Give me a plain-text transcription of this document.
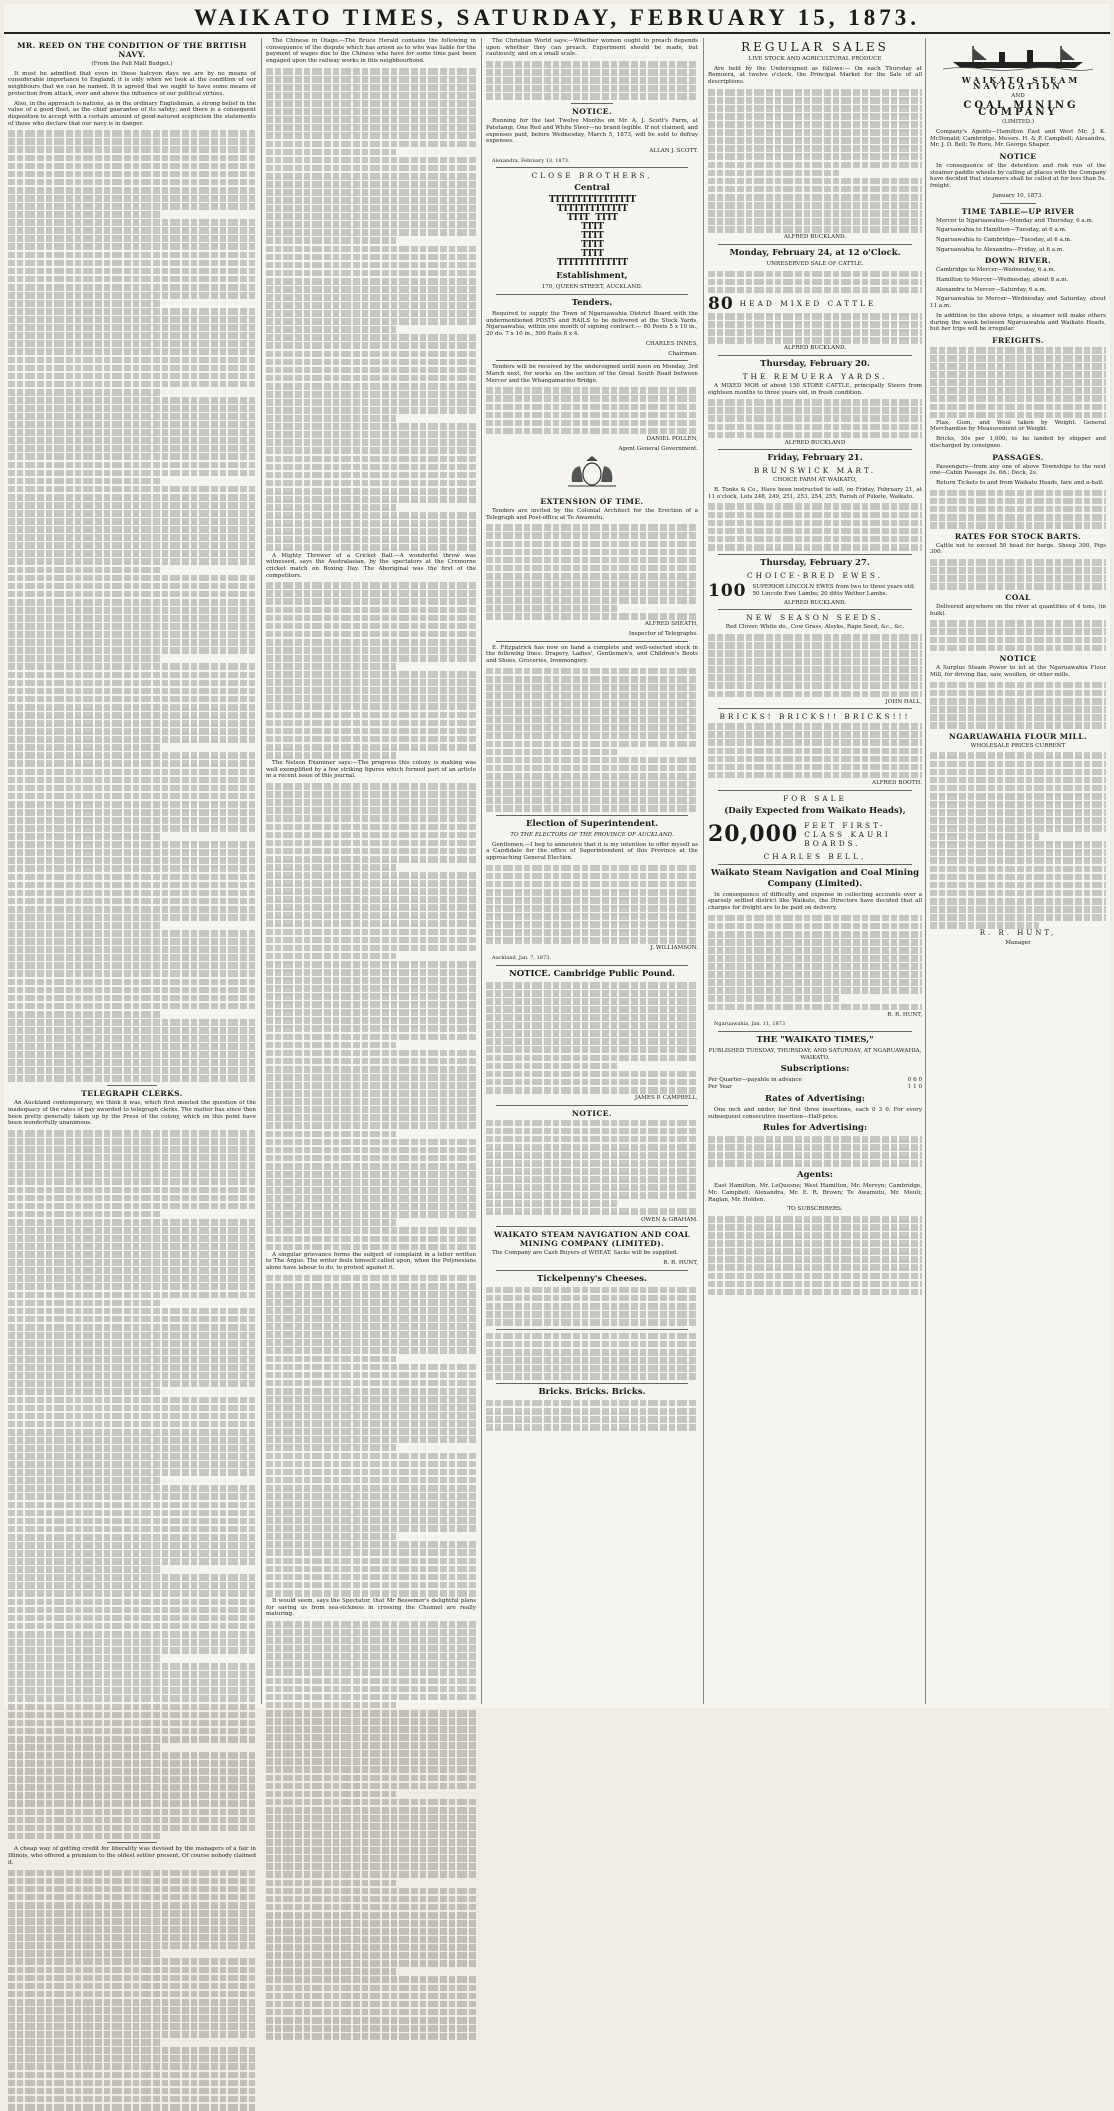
WAIKATO TIMES, SATURDAY, FEBRUARY 15, 1873.
MR. REED ON THE CONDITION OF THE BRITISH NAVY.

(From the Pall Mall Budget.)

It must be admitted that even in these halcyon days we are by no means of considerable importance to England; it is only when we look at the condition of our neighbours that we can be named. It is agreed that we ought to have some means of protection from attack, over and above the influence of our political virtues.

Also, in the approach is nations, as in the ordinary Englishman, a strong belief in the value of a good fleet, as the chief guarantee of its safety; and there is a consequent disposition to accept with a certain amount of good-natured scepticism the statements of those who declare that our navy is in danger.

TELEGRAPH CLERKS.

An Auckland contemporary, we think it was, which first mooted the question of the inadequacy of the rates of pay awarded to telegraph clerks. The matter has since then been pretty generally taken up by the Press of the colony, which on this point have been wonderfully unanimous.

A cheap way of getting credit for liberality was devised by the managers of a fair in Illinois, who offered a premium to the oldest settler present. Of course nobody claimed it.

The Chinese in Otago.—The Bruce Herald contains the following in consequence of the dispute which has arisen as to who was liable for the payment of wages due to the Chinese who have for some time past been engaged upon the railway works in this neighbourhood.

A Mighty Thrower of a Cricket Ball.—A wonderful throw was witnessed, says the Australasian, by the spectators at the Cremorne cricket match on Boxing Day. The Aboriginal was the first of the competitors.

The Nelson Examiner says:—The progress this colony is making was well exemplified by a few striking figures which formed part of an article in a recent issue of this journal.

A singular grievance forms the subject of complaint in a letter written to The Argus. The writer feels himself called upon, when the Polynesians alone have labour to do, to protest against it.

It would seem, says the Spectator, that Mr Bessemer's delightful plans for saving us from sea-sickness in crossing the Channel are really maturing.

The Christian World says:—Whether women ought to preach depends upon whether they can preach. Experiment should be made, but cautiously, and on a small scale.

NOTICE.

Running for the last Twelve Months on Mr. A. J. Scott's Farm, at Patetangi, One Red and White Steer—no brand legible. If not claimed, and expenses paid, before Wednesday, March 5, 1873, will be sold to defray expenses.

ALLAN J. SCOTT.

Alexandra, February 13, 1873.

CLOSE BROTHERS,

Central
TTTTTTTTTTTTTTTT
TTTTTTTTTTTTT
TTTT   TTTT
TTTT
TTTT
TTTT
TTTT
TTTTTTTTTTTTT
Establishment,

170, QUEEN STREET, AUCKLAND.

Tenders.

Required to supply the Town of Ngaruawahia District Board with the undermentioned POSTS and RAILS to be delivered at the Stock Yards, Ngaruawahia, within one month of signing contract:— 80 Posts 5 x 10 in., 20 do. 7 x 10 in., 500 Rails 8 x 4.

CHARLES INNES,

Chairman.

Tenders will be received by the undersigned until noon on Monday, 3rd March next, for works on the section of the Great South Road between Mercer and the Whangamarino Bridge.

DANIEL POLLEN,

Agent General Government.

EXTENSION OF TIME.

Tenders are invited by the Colonial Architect for the Erection of a Telegraph and Post-office at Te Awamutu.

ALFRED SHEATH,

Inspector of Telegraphs.

E. Fitzpatrick has now on hand a complete and well-selected stock in the following lines: Drapery, Ladies', Gentlemen's, and Children's Boots and Shoes, Groceries, Ironmongery.

Election of Superintendent.

TO THE ELECTORS OF THE PROVINCE OF AUCKLAND.

Gentlemen,—I beg to announce that it is my intention to offer myself as a Candidate for the office of Superintendent of this Province at the approaching General Election.

J. WILLIAMSON.

Auckland, Jan. 7, 1873.

NOTICE. Cambridge Public Pound.

JAMES P. CAMPBELL,

NOTICE.

OWEN & GRAHAM.

WAIKATO STEAM NAVIGATION AND COAL MINING COMPANY (LIMITED).

The Company are Cash Buyers of WHEAT. Sacks will be supplied.

R. R. HUNT,

Tickelpenny's Cheeses.
Bricks. Bricks. Bricks.

REGULAR SALES

LIVE STOCK AND AGRICULTURAL PRODUCE

Are held by the Undersigned as follows:— On each Thursday at Remuera, at twelve o'clock, the Principal Market for the Sale of all descriptions.

ALFRED BUCKLAND.

Monday, February 24, at 12 o'Clock.

UNRESERVED SALE OF CATTLE.

80 HEAD MIXED CATTLE

ALFRED BUCKLAND.

Thursday, February 20.

THE REMUERA YARDS.

A MIXED MOB of about 150 STORE CATTLE, principally Steers from eighteen months to three years old, in fresh condition.

ALFRED BUCKLAND

Friday, February 21.

BRUNSWICK MART.

CHOICE FARM AT WAIKATO,

B. Tonks & Co., Have been instructed to sell, on Friday, February 21, at 11 o'clock, Lots 248, 249, 251, 253, 254, 255, Parish of Pukete, Waikato.

Thursday, February 27.

CHOICE-BRED EWES.

100 SUPERIOR LINCOLN EWES from two to three years old; 50 Lincoln Ewe Lambs; 20 ditto Wether Lambs.

ALFRED BUCKLAND.

NEW SEASON SEEDS.

Red Clover, White do., Cow Grass, Alsyke, Rape Seed, &c., &c.

JOHN HALL,

BRICKS! BRICKS!! BRICKS!!!

ALFRED BOOTH.

FOR SALE

(Daily Expected from Waikato Heads),
20,000 FEET FIRST-CLASS KAURI BOARDS.

CHARLES BELL,

Waikato Steam Navigation and Coal Mining Company (Limited).

In consequence of difficulty and expense in collecting accounts over a sparsely settled district like Waikato, the Directors have decided that all charges for freight are to be paid on delivery.

R. R. HUNT,

Ngaruawahia, Jan. 11, 1873

THE "WAIKATO TIMES,"

PUBLISHED TUESDAY, THURSDAY, AND SATURDAY, AT NGARUAWAHIA, WAIKATO.

Subscriptions:
Per Quarter—payable in advance	0 6 0
Per Year	1 1 0
Rates of Advertising:

One inch and under, for first three insertions, each 0 3 0. For every subsequent consecutive insertion—Half-price.

Rules for Advertising:
Agents:

East Hamilton, Mr. LeQuesne; West Hamilton, Mr. Mervyn; Cambridge, Mr. Campbell; Alexandra, Mr. E. R. Brown; Te Awamutu, Mr. Meuli; Raglan, Mr. Holden.

TO SUBSCRIBERS.

WAIKATO STEAM NAVIGATION

AND

COAL MINING COMPANY

(LIMITED.)

Company's Agents—Hamilton East and West Mr. J. K. McDonald; Cambridge, Messrs. H. & P. Campbell; Alexandra, Mr. J. D. Bell; Te Rore, Mr. George Shaper.

NOTICE

In consequence of the detention and risk run of the steamer paddle wheels by calling at places with the Company have decided that steamers shall be called at for less than 5s. freight.

January 10, 1873.

TIME TABLE—UP RIVER

Mercer to Ngaruawahia—Monday and Thursday, 6 a.m.

Ngaruawahia to Hamilton—Tuesday, at 6 a.m.

Ngaruawahia to Cambridge—Tuesday, at 6 a.m.

Ngaruawahia to Alexandra—Friday, at 6 a.m.

DOWN RIVER.

Cambridge to Mercer—Wednesday, 6 a.m.

Hamilton to Mercer—Wednesday, about 8 a.m.

Alexandra to Mercer—Saturday, 6 a.m.

Ngaruawahia to Mercer—Wednesday and Saturday, about 11 a.m.

In addition to the above trips, a steamer will make others during the week between Ngaruawahia and Waikato Heads, but her trips will be irregular.

FREIGHTS.

Flax, Gum, and Wool taken by Weight. General Merchandise by Measurement or Weight.

Bricks, 30s per 1,000; to be landed by shipper and discharged by consignee.

PASSAGES.

Passengers—from any one of above Townships to the next one—Cabin Passage 3s. 6d.; Deck, 2s.

Return Tickets to and from Waikato Heads, fare and a-half.

RATES FOR STOCK BARTS.

Cattle not to exceed 50 head for barge. Sheep 300, Pigs 300.

COAL

Delivered anywhere on the river at quantities of 4 tons, (in bulk).

NOTICE

A Surplus Steam Power to let at the Ngaruawahia Flour Mill, for driving flax, saw, woollen, or other mills.

NGARUAWAHIA FLOUR MILL.

WHOLESALE PRICES CURRENT

R. R. HUNT,

Manager
